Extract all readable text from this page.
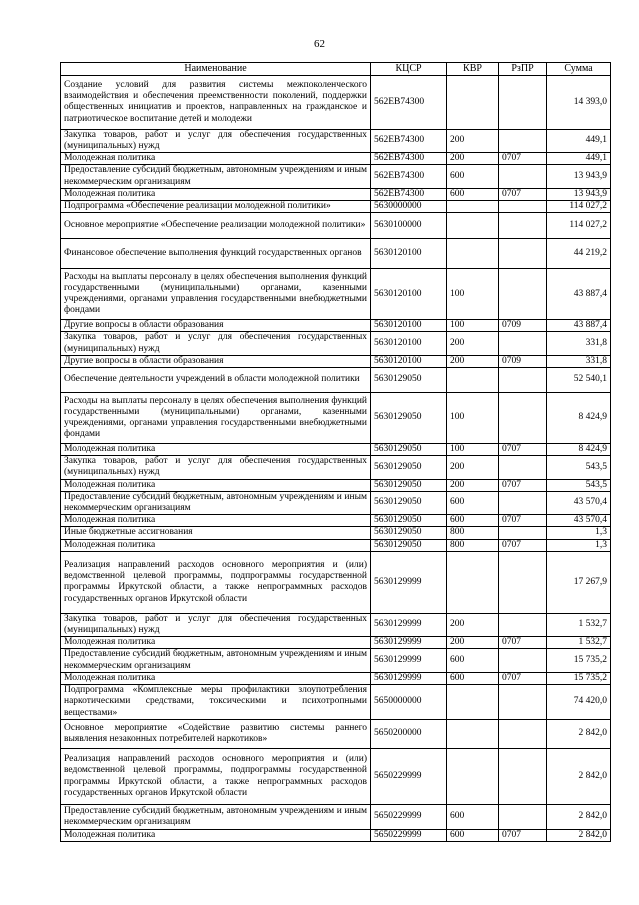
62
Наименование	КЦСР	КВР	РзПР	Сумма
Создание условий для развития системы межпоколенческого взаимодействия и обеспечения преемственности поколений, поддержки общественных инициатив и проектов, направленных на гражданское и патриотическое воспитание детей и молодежи	562EВ74300			14 393,0
Закупка товаров, работ и услуг для обеспечения государственных (муниципальных) нужд	562EВ74300	200		449,1
Молодежная политика	562EВ74300	200	0707	449,1
Предоставление субсидий бюджетным, автономным учреждениям и иным некоммерческим организациям	562EВ74300	600		13 943,9
Молодежная политика	562EВ74300	600	0707	13 943,9
Подпрограмма «Обеспечение реализации молодежной политики»	5630000000			114 027,2
Основное мероприятие «Обеспечение реализации молодежной политики»	5630100000			114 027,2
Финансовое обеспечение выполнения функций государственных органов	5630120100			44 219,2
Расходы на выплаты персоналу в целях обеспечения выполнения функций государственными (муниципальными) органами, казенными учреждениями, органами управления государственными внебюджетными фондами	5630120100	100		43 887,4
Другие вопросы в области образования	5630120100	100	0709	43 887,4
Закупка товаров, работ и услуг для обеспечения государственных (муниципальных) нужд	5630120100	200		331,8
Другие вопросы в области образования	5630120100	200	0709	331,8
Обеспечение деятельности учреждений в области молодежной политики	5630129050			52 540,1
Расходы на выплаты персоналу в целях обеспечения выполнения функций государственными (муниципальными) органами, казенными учреждениями, органами управления государственными внебюджетными фондами	5630129050	100		8 424,9
Молодежная политика	5630129050	100	0707	8 424,9
Закупка товаров, работ и услуг для обеспечения государственных (муниципальных) нужд	5630129050	200		543,5
Молодежная политика	5630129050	200	0707	543,5
Предоставление субсидий бюджетным, автономным учреждениям и иным некоммерческим организациям	5630129050	600		43 570,4
Молодежная политика	5630129050	600	0707	43 570,4
Иные бюджетные ассигнования	5630129050	800		1,3
Молодежная политика	5630129050	800	0707	1,3
Реализация направлений расходов основного мероприятия и (или) ведомственной целевой программы, подпрограммы государственной программы Иркутской области, а также непрограммных расходов государственных органов Иркутской области	5630129999			17 267,9
Закупка товаров, работ и услуг для обеспечения государственных (муниципальных) нужд	5630129999	200		1 532,7
Молодежная политика	5630129999	200	0707	1 532,7
Предоставление субсидий бюджетным, автономным учреждениям и иным некоммерческим организациям	5630129999	600		15 735,2
Молодежная политика	5630129999	600	0707	15 735,2
Подпрограмма «Комплексные меры профилактики злоупотребления наркотическими средствами, токсическими и психотропными веществами»	5650000000			74 420,0
Основное мероприятие «Содействие развитию системы раннего выявления незаконных потребителей наркотиков»	5650200000			2 842,0
Реализация направлений расходов основного мероприятия и (или) ведомственной целевой программы, подпрограммы государственной программы Иркутской области, а также непрограммных расходов государственных органов Иркутской области	5650229999			2 842,0
Предоставление субсидий бюджетным, автономным учреждениям и иным некоммерческим организациям	5650229999	600		2 842,0
Молодежная политика	5650229999	600	0707	2 842,0
